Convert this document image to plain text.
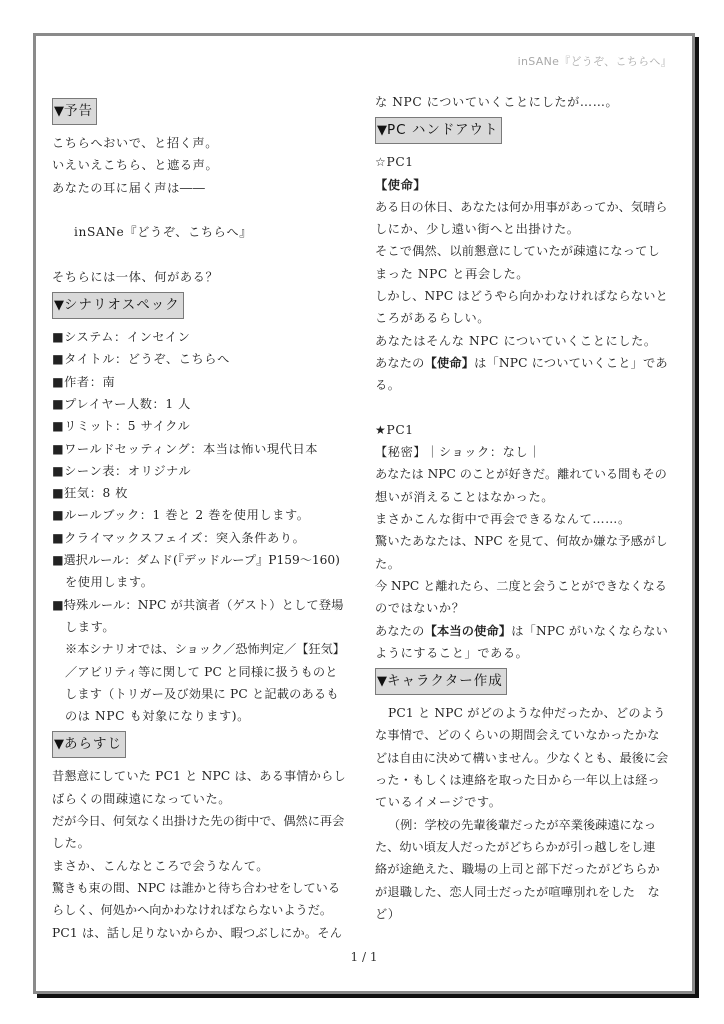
inSANe『どうぞ、こちらへ』
▼予告
こちらへおいで、と招く声。
いえいえこちら、と遮る声。
あなたの耳に届く声は――
inSANe『どうぞ、こちらへ』
そちらには一体、何がある？
▼シナリオスペック
■システム：インセイン
■タイトル：どうぞ、こちらへ
■作者：南
■プレイヤー人数：1 人
■リミット：5 サイクル
■ワールドセッティング：本当は怖い現代日本
■シーン表：オリジナル
■狂気：8 枚
■ルールブック：1 巻と 2 巻を使用します。
■クライマックスフェイズ：突入条件あり。
■選択ルール：ダムド(『デッドループ』P159～160)
を使用します。
■特殊ルール：NPC が共演者（ゲスト）として登場
します。
※本シナリオでは、ショック／恐怖判定／【狂気】
／アビリティ等に関して PC と同様に扱うものと
します（トリガー及び効果に PC と記載のあるも
のは NPC も対象になります)。
▼あらすじ
昔懇意にしていた PC1 と NPC は、ある事情からし
ばらくの間疎遠になっていた。
だが今日、何気なく出掛けた先の街中で、偶然に再会
した。
まさか、こんなところで会うなんて。
驚きも束の間、NPC は誰かと待ち合わせをしている
らしく、何処かへ向かわなければならないようだ。
PC1 は、話し足りないからか、暇つぶしにか。そん
な NPC についていくことにしたが……。
▼PC ハンドアウト
☆PC1
【使命】
ある日の休日、あなたは何か用事があってか、気晴ら
しにか、少し遠い街へと出掛けた。
そこで偶然、以前懇意にしていたが疎遠になってし
まった NPC と再会した。
しかし、NPC はどうやら向かわなければならないと
ころがあるらしい。
あなたはそんな NPC についていくことにした。
あなたの【使命】は「NPC についていくこと」であ
る。
★PC1
【秘密】｜ショック：なし｜
あなたは NPC のことが好きだ。離れている間もその
想いが消えることはなかった。
まさかこんな街中で再会できるなんて……。
驚いたあなたは、NPC を見て、何故か嫌な予感がし
た。
今 NPC と離れたら、二度と会うことができなくなる
のではないか？
あなたの【本当の使命】は「NPC がいなくならない
ようにすること」である。
▼キャラクター作成
PC1 と NPC がどのような仲だったか、どのよう
な事情で、どのくらいの期間会えていなかったかな
どは自由に決めて構いません。少なくとも、最後に会
った・もしくは連絡を取った日から一年以上は経っ
ているイメージです。
（例：学校の先輩後輩だったが卒業後疎遠になっ
た、幼い頃友人だったがどちらかが引っ越しをし連
絡が途絶えた、職場の上司と部下だったがどちらか
が退職した、恋人同士だったが喧嘩別れをした　な
ど）
1 / 1
